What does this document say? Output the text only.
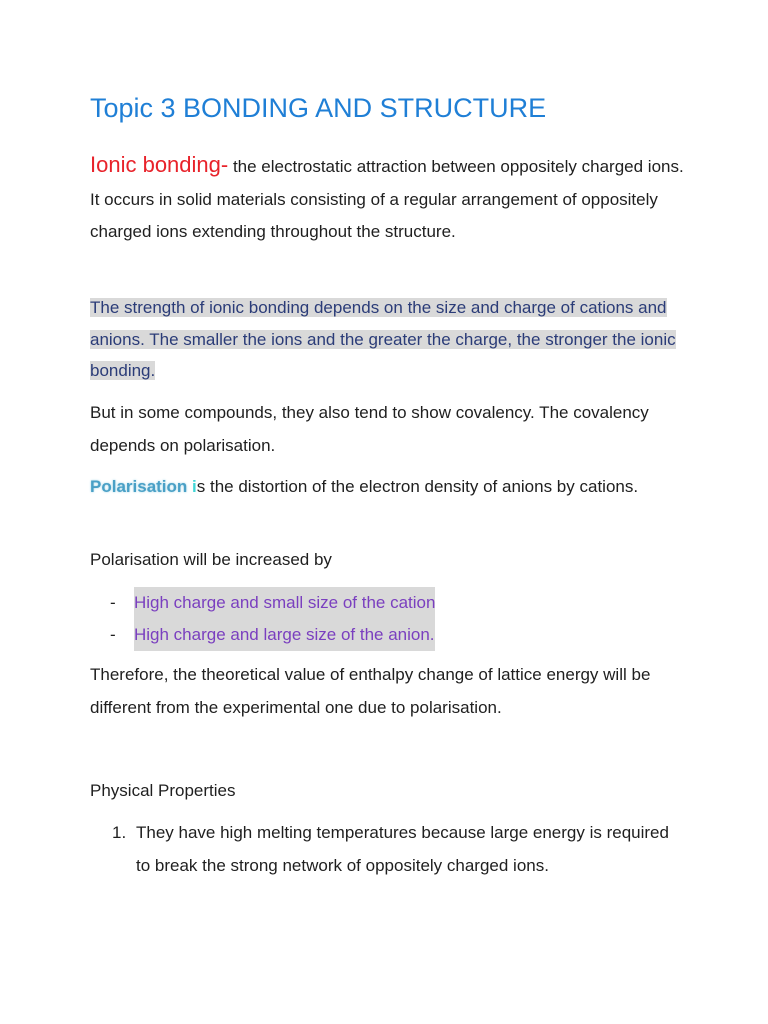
Topic 3 BONDING AND STRUCTURE

Ionic bonding- the electrostatic attraction between oppositely charged ions. It occurs in solid materials consisting of a regular arrangement of oppositely charged ions extending throughout the structure.

The strength of ionic bonding depends on the size and charge of cations and anions. The smaller the ions and the greater the charge, the stronger the ionic bonding.

But in some compounds, they also tend to show covalency. The covalency depends on polarisation.

Polarisation is the distortion of the electron density of anions by cations.

Polarisation will be increased by

-	High charge and small size of the cation
-	High charge and large size of the anion.

Therefore, the theoretical value of enthalpy change of lattice energy will be different from the experimental one due to polarisation.

Physical Properties

1. They have high melting temperatures because large energy is required to break the strong network of oppositely charged ions.
